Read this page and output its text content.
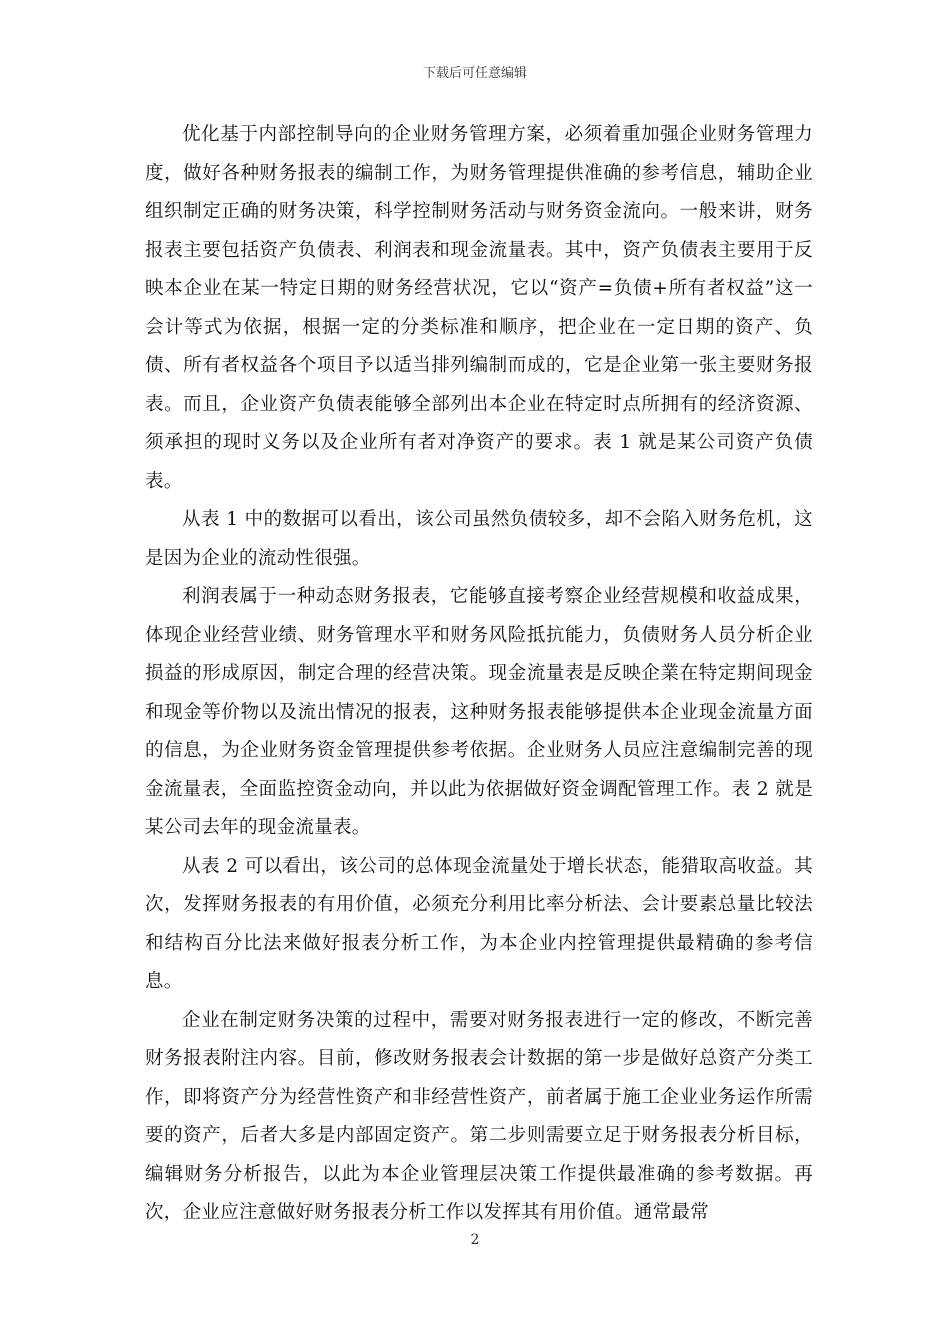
下载后可任意编辑

优化基于内部控制导向的企业财务管理方案，必须着重加强企业财务管理力度，做好各种财务报表的编制工作，为财务管理提供准确的参考信息，辅助企业组织制定正确的财务决策，科学控制财务活动与财务资金流向。一般来讲，财务报表主要包括资产负债表、利润表和现金流量表。其中，资产负债表主要用于反映本企业在某一特定日期的财务经营状况，它以“资产=负债+所有者权益”这一会计等式为依据，根据一定的分类标准和顺序，把企业在一定日期的资产、负债、所有者权益各个项目予以适当排列编制而成的，它是企业第一张主要财务报表。而且，企业资产负债表能够全部列出本企业在特定时点所拥有的经济资源、须承担的现时义务以及企业所有者对净资产的要求。表 1 就是某公司资产负债表。

从表 1 中的数据可以看出，该公司虽然负债较多，却不会陷入财务危机，这是因为企业的流动性很强。

利润表属于一种动态财务报表，它能够直接考察企业经营规模和收益成果，体现企业经营业绩、财务管理水平和财务风险抵抗能力，负债财务人员分析企业损益的形成原因，制定合理的经营决策。现金流量表是反映企業在特定期间现金和现金等价物以及流出情况的报表，这种财务报表能够提供本企业现金流量方面的信息，为企业财务资金管理提供参考依据。企业财务人员应注意编制完善的现金流量表，全面监控资金动向，并以此为依据做好资金调配管理工作。表 2 就是某公司去年的现金流量表。

从表 2 可以看出，该公司的总体现金流量处于增长状态，能猎取高收益。其次，发挥财务报表的有用价值，必须充分利用比率分析法、会计要素总量比较法和结构百分比法来做好报表分析工作，为本企业内控管理提供最精确的参考信息。

企业在制定财务决策的过程中，需要对财务报表进行一定的修改，不断完善财务报表附注内容。目前，修改财务报表会计数据的第一步是做好总资产分类工作，即将资产分为经营性资产和非经营性资产，前者属于施工企业业务运作所需要的资产，后者大多是内部固定资产。第二步则需要立足于财务报表分析目标，编辑财务分析报告，以此为本企业管理层决策工作提供最准确的参考数据。再次，企业应注意做好财务报表分析工作以发挥其有用价值。通常最常

2
